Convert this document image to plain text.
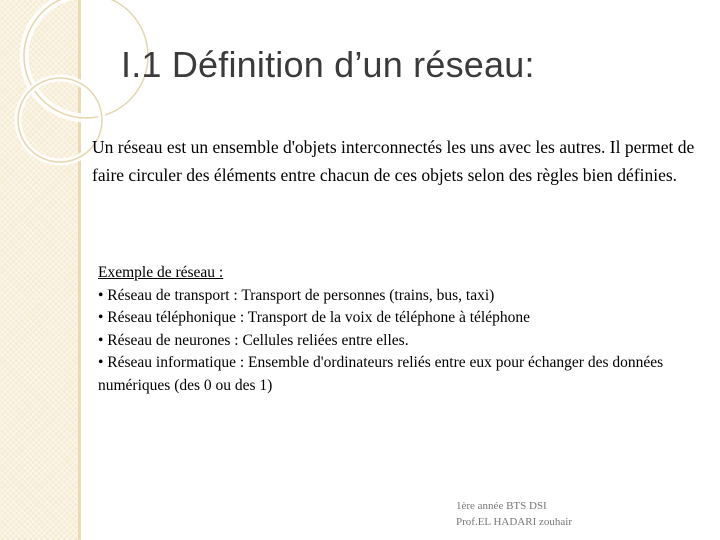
I.1 Définition d’un réseau:

Un réseau est un ensemble d'objets interconnectés les uns avec les autres. Il permet de faire circuler des éléments entre chacun de ces objets selon des règles bien définies.

Exemple de réseau :
• Réseau de transport : Transport de personnes (trains, bus, taxi)
• Réseau téléphonique : Transport de la voix de téléphone à téléphone
• Réseau de neurones : Cellules reliées entre elles.
• Réseau informatique : Ensemble d'ordinateurs reliés entre eux pour échanger des données numériques (des 0 ou des 1)
1ère année BTS DSI
Prof.EL HADARI zouhair
